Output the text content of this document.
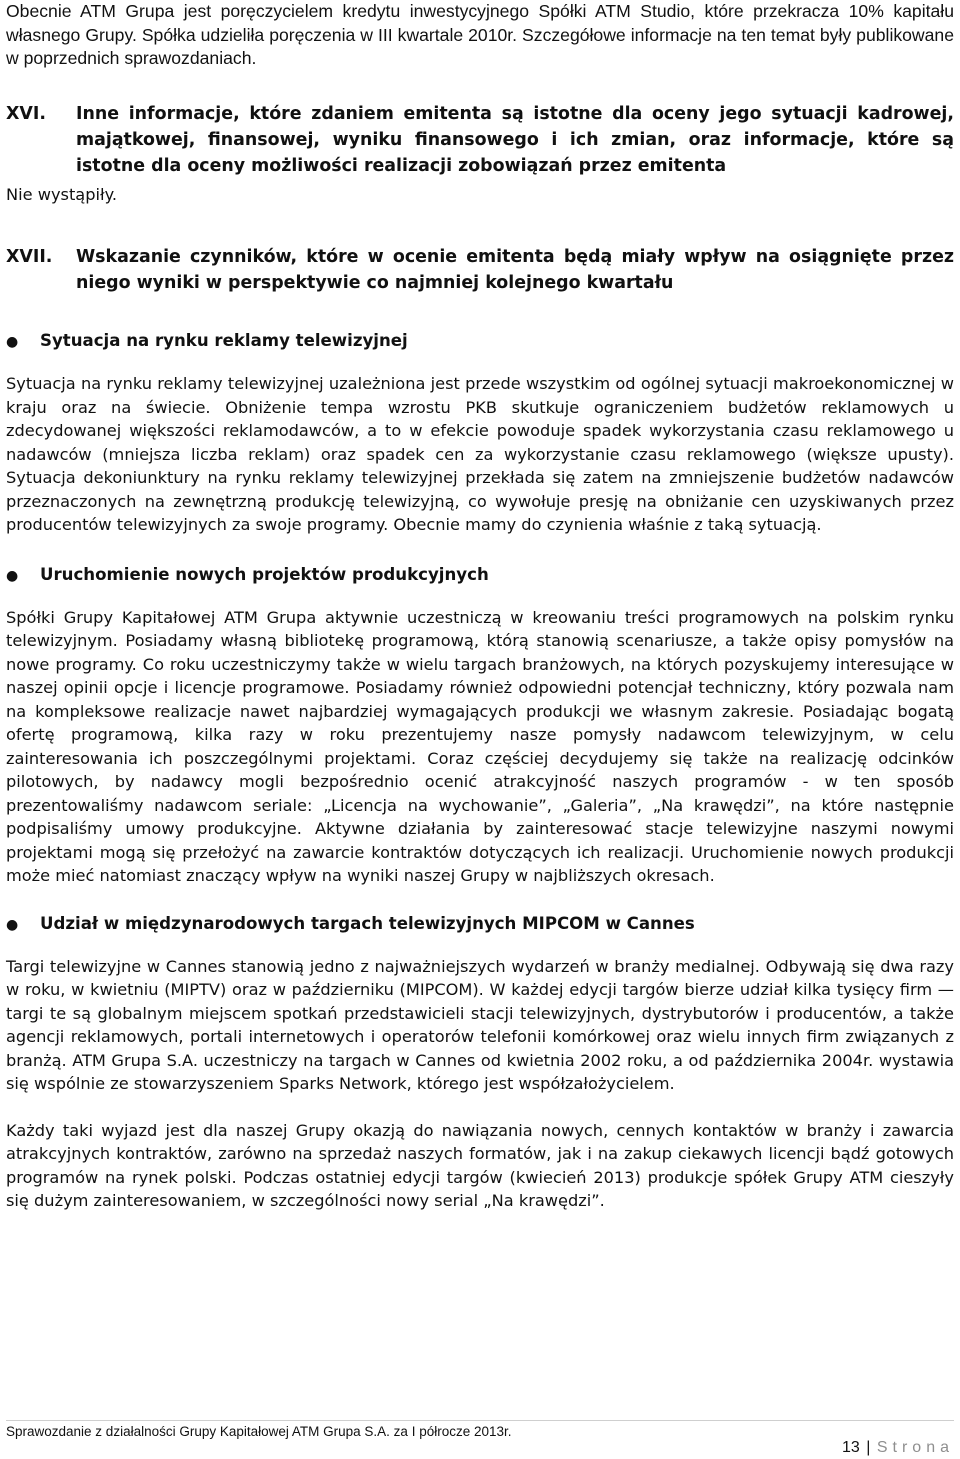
Obecnie ATM Grupa jest poręczycielem kredytu inwestycyjnego Spółki ATM Studio, które przekracza 10% kapitału własnego Grupy. Spółka udzieliła poręczenia w III kwartale 2010r. Szczegółowe informacje na ten temat były publikowane w poprzednich sprawozdaniach.

XVI.	Inne informacje, które zdaniem emitenta są istotne dla oceny jego sytuacji kadrowej, majątkowej, finansowej, wyniku finansowego i ich zmian, oraz informacje, które są istotne dla oceny możliwości realizacji zobowiązań przez emitenta

Nie wystąpiły.

XVII.	Wskazanie czynników, które w ocenie emitenta będą miały wpływ na osiągnięte przez niego wyniki w perspektywie co najmniej kolejnego kwartału
●	Sytuacja na rynku reklamy telewizyjnej

Sytuacja na rynku reklamy telewizyjnej uzależniona jest przede wszystkim od ogólnej sytuacji makroekonomicznej w kraju oraz na świecie. Obniżenie tempa wzrostu PKB skutkuje ograniczeniem budżetów reklamowych u zdecydowanej większości reklamodawców, a to w efekcie powoduje spadek wykorzystania czasu reklamowego u nadawców (mniejsza liczba reklam) oraz spadek cen za wykorzystanie czasu reklamowego (większe upusty). Sytuacja dekoniunktury na rynku reklamy telewizyjnej przekłada się zatem na zmniejszenie budżetów nadawców przeznaczonych na zewnętrzną produkcję telewizyjną, co wywołuje presję na obniżanie cen uzyskiwanych przez producentów telewizyjnych za swoje programy. Obecnie mamy do czynienia właśnie z taką sytuacją.

●	Uruchomienie nowych projektów produkcyjnych

Spółki Grupy Kapitałowej ATM Grupa aktywnie uczestniczą w kreowaniu treści programowych na polskim rynku telewizyjnym. Posiadamy własną bibliotekę programową, którą stanowią scenariusze, a także opisy pomysłów na nowe programy. Co roku uczestniczymy także w wielu targach branżowych, na których pozyskujemy interesujące w naszej opinii opcje i licencje programowe. Posiadamy również odpowiedni potencjał techniczny, który pozwala nam na kompleksowe realizacje nawet najbardziej wymagających produkcji we własnym zakresie. Posiadając bogatą ofertę programową, kilka razy w roku prezentujemy nasze pomysły nadawcom telewizyjnym, w celu zainteresowania ich poszczególnymi projektami. Coraz częściej decydujemy się także na realizację odcinków pilotowych, by nadawcy mogli bezpośrednio ocenić atrakcyjność naszych programów - w ten sposób prezentowaliśmy nadawcom seriale: „Licencja na wychowanie”, „Galeria”, „Na krawędzi”, na które następnie podpisaliśmy umowy produkcyjne. Aktywne działania by zainteresować stacje telewizyjne naszymi nowymi projektami mogą się przełożyć na zawarcie kontraktów dotyczących ich realizacji. Uruchomienie nowych produkcji może mieć natomiast znaczący wpływ na wyniki naszej Grupy w najbliższych okresach.

●	Udział w międzynarodowych targach telewizyjnych MIPCOM w Cannes

Targi telewizyjne w Cannes stanowią jedno z najważniejszych wydarzeń w branży medialnej. Odbywają się dwa razy w roku, w kwietniu (MIPTV) oraz w październiku (MIPCOM). W każdej edycji targów bierze udział kilka tysięcy firm — targi te są globalnym miejscem spotkań przedstawicieli stacji telewizyjnych, dystrybutorów i producentów, a także agencji reklamowych, portali internetowych i operatorów telefonii komórkowej oraz wielu innych firm związanych z branżą. ATM Grupa S.A. uczestniczy na targach w Cannes od kwietnia 2002 roku, a od października 2004r. wystawia się wspólnie ze stowarzyszeniem Sparks Network, którego jest współzałożycielem.

Każdy taki wyjazd jest dla naszej Grupy okazją do nawiązania nowych, cennych kontaktów w branży i zawarcia atrakcyjnych kontraktów, zarówno na sprzedaż naszych formatów, jak i na zakup ciekawych licencji bądź gotowych programów na rynek polski. Podczas ostatniej edycji targów (kwiecień 2013) produkcje spółek Grupy ATM cieszyły się dużym zainteresowaniem, w szczególności nowy serial „Na krawędzi”.

Sprawozdanie z działalności Grupy Kapitałowej ATM Grupa S.A. za I półrocze 2013r.
13 | Strona
